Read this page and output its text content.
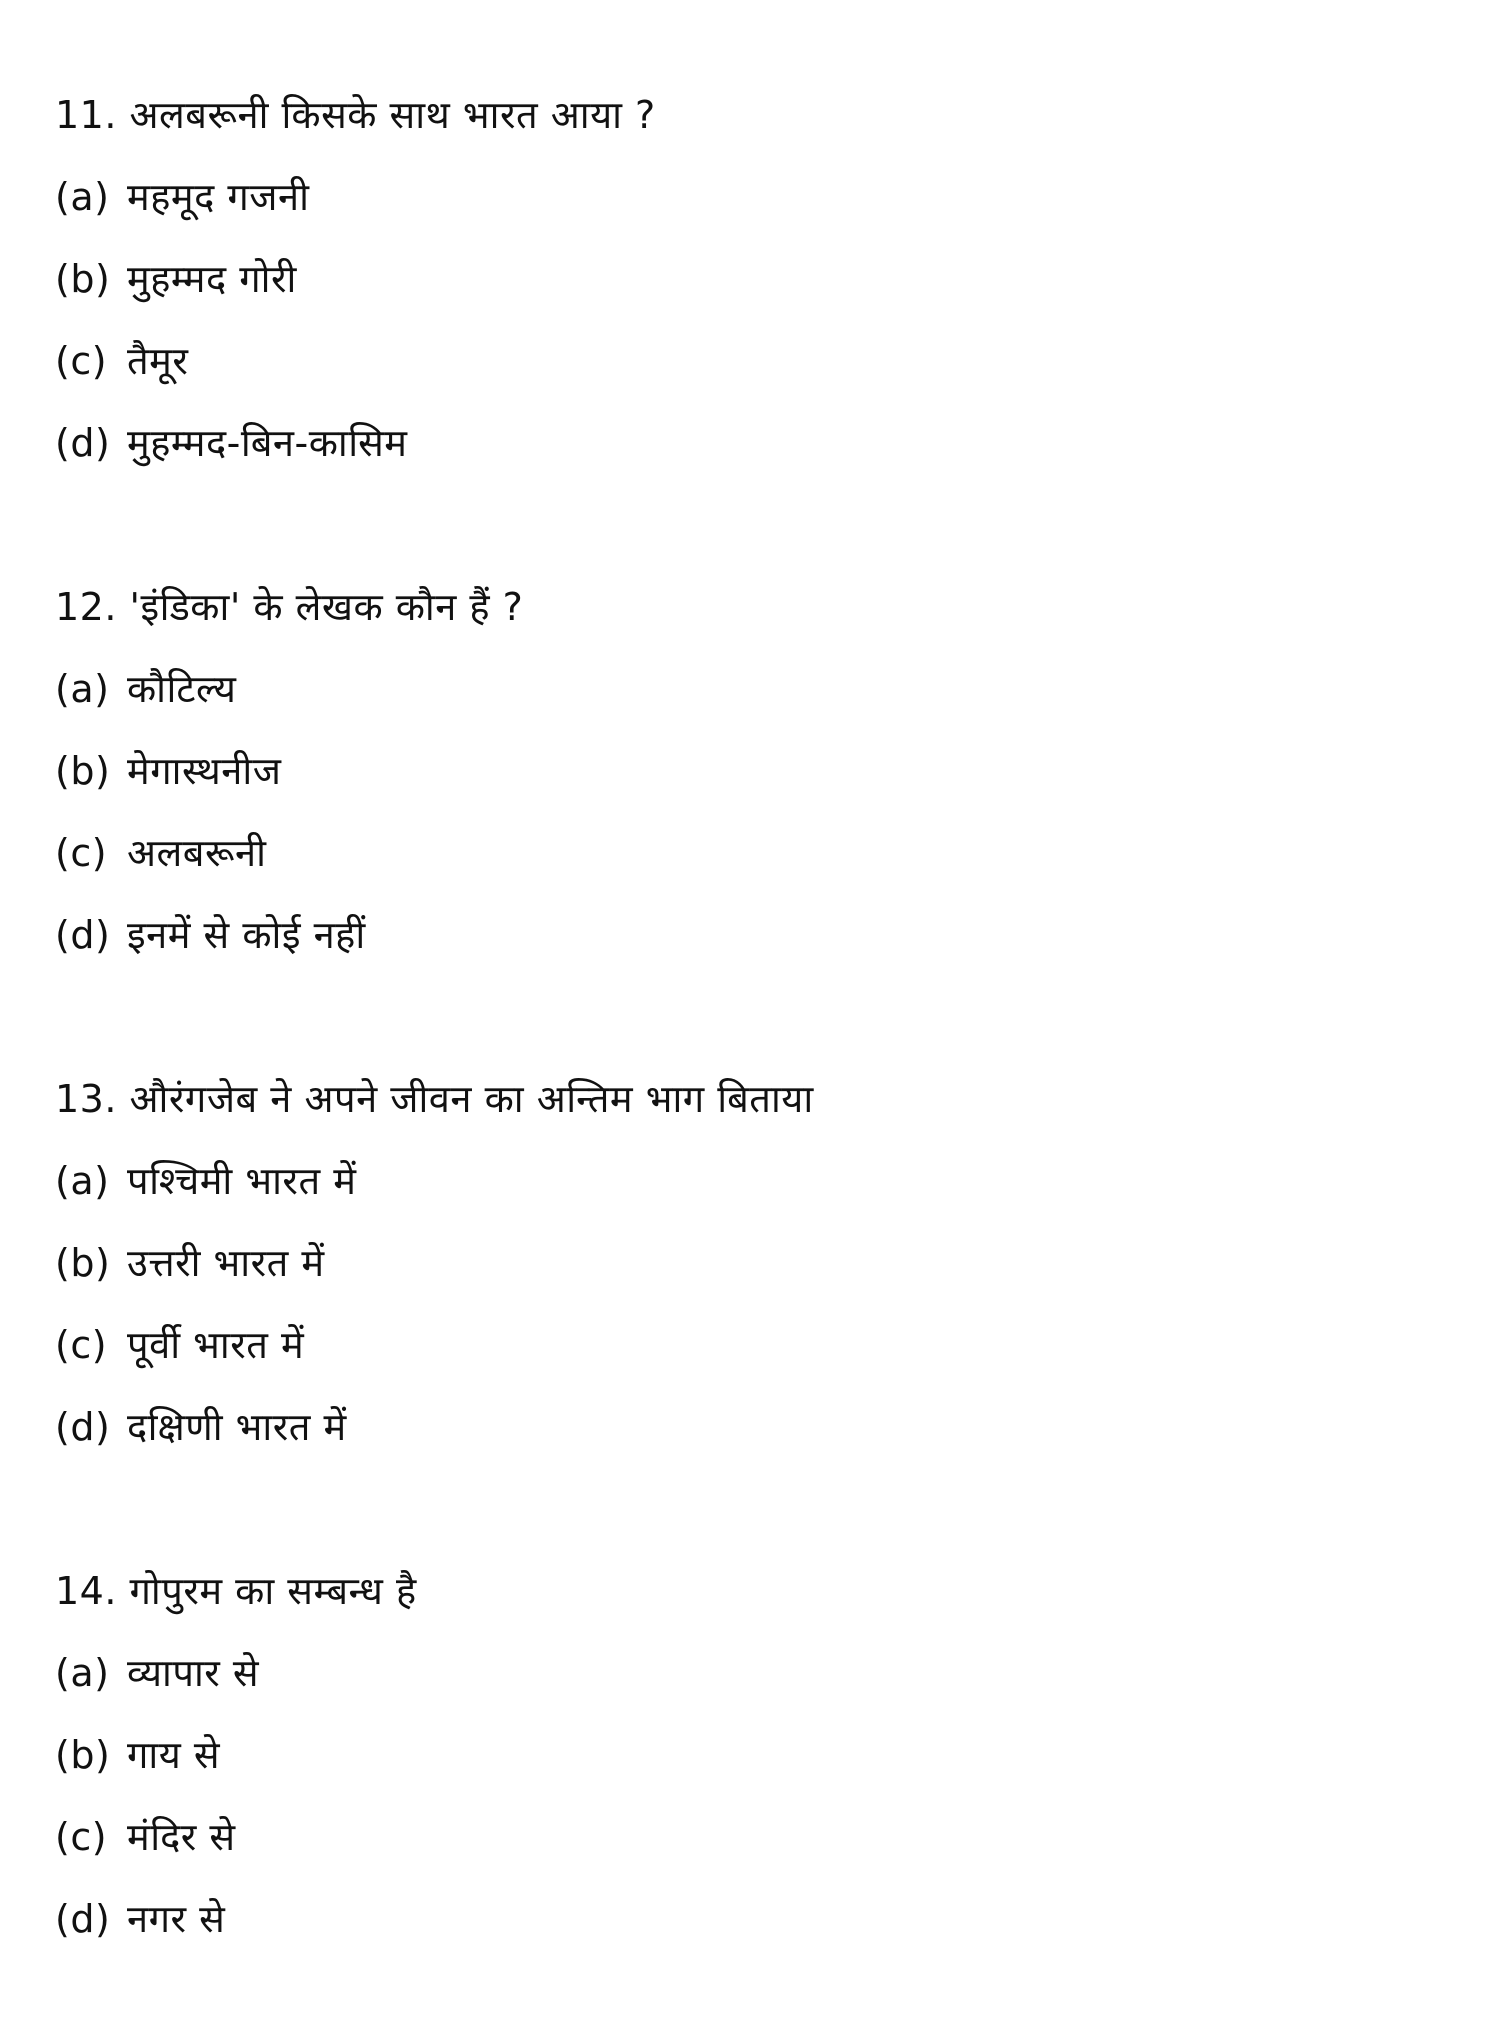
11. अलबरूनी किसके साथ भारत आया ?
(a) महमूद गजनी
(b) मुहम्मद गोरी
(c) तैमूर
(d) मुहम्मद-बिन-कासिम
12. 'इंडिका' के लेखक कौन हैं ?
(a) कौटिल्य
(b) मेगास्थनीज
(c) अलबरूनी
(d) इनमें से कोई नहीं
13. औरंगजेब ने अपने जीवन का अन्तिम भाग बिताया
(a) पश्चिमी भारत में
(b) उत्तरी भारत में
(c) पूर्वी भारत में
(d) दक्षिणी भारत में
14. गोपुरम का सम्बन्ध है
(a) व्यापार से
(b) गाय से
(c) मंदिर से
(d) नगर से
